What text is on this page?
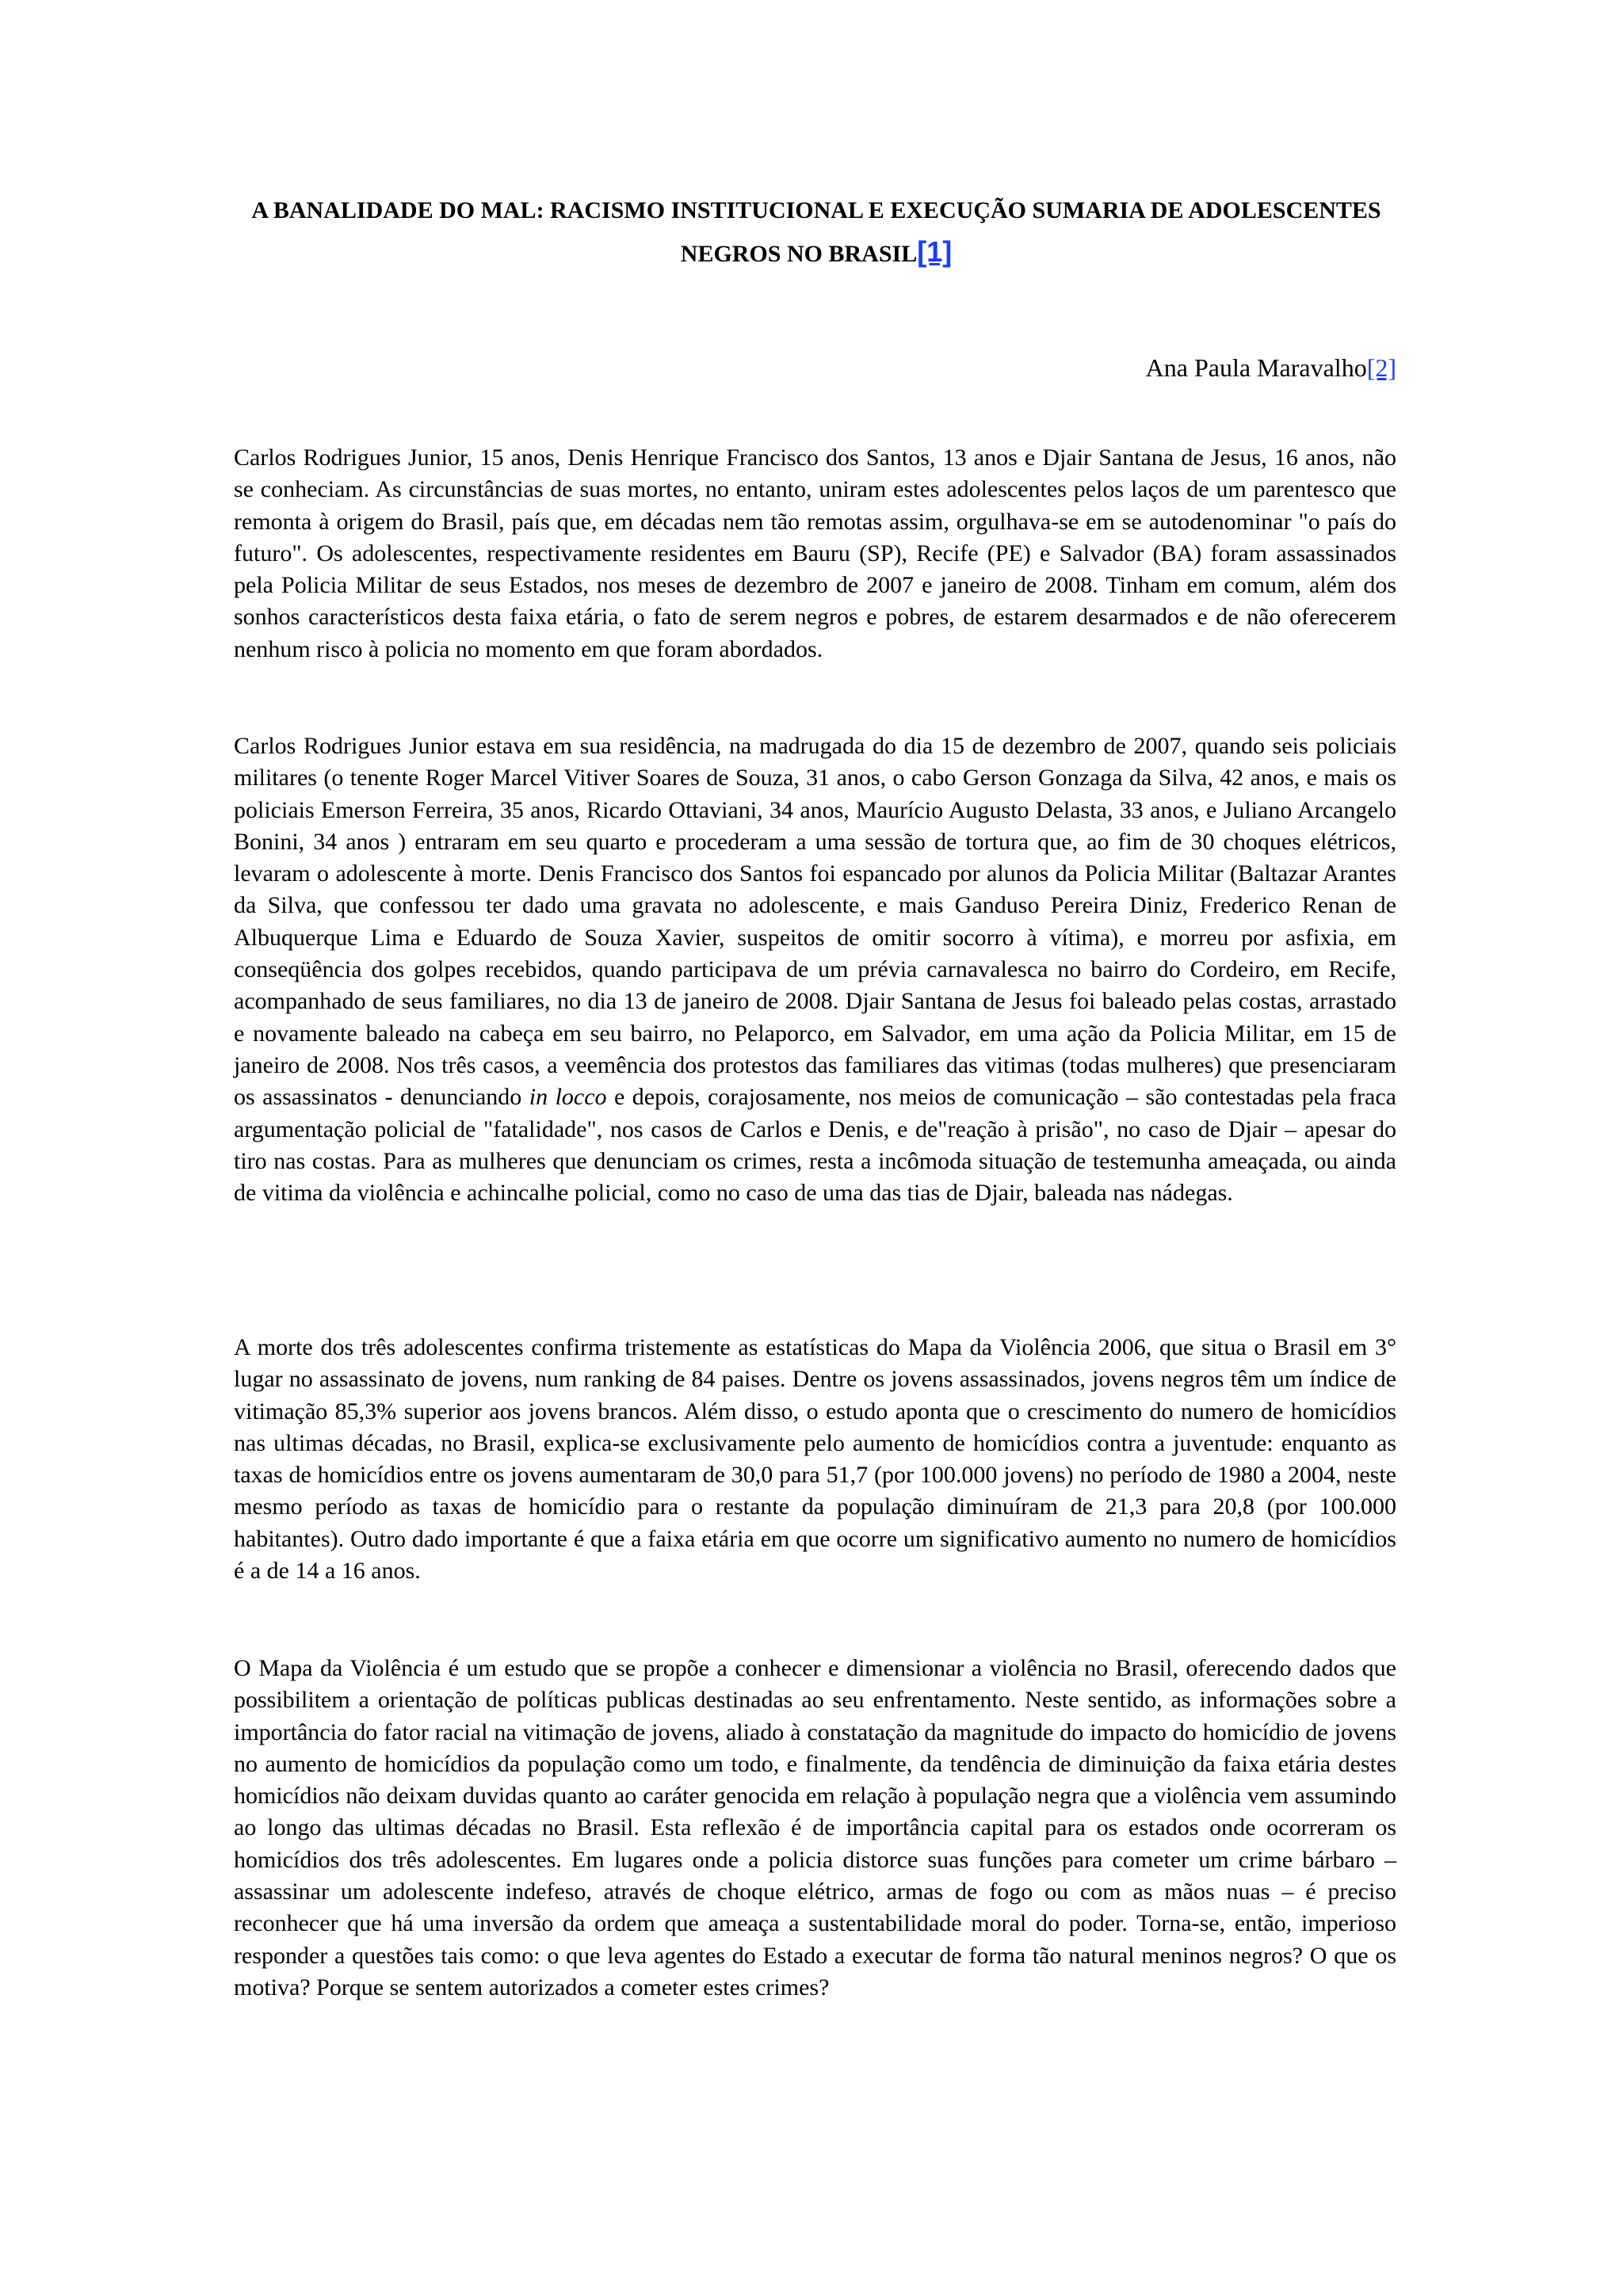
A BANALIDADE DO MAL: RACISMO INSTITUCIONAL E EXECUÇÃO SUMARIA DE ADOLESCENTES NEGROS NO BRASIL[1]
Ana Paula Maravalho[2]

Carlos Rodrigues Junior, 15 anos, Denis Henrique Francisco dos Santos, 13 anos e Djair Santana de Jesus, 16 anos, não se conheciam. As circunstâncias de suas mortes, no entanto, uniram estes adolescentes pelos laços de um parentesco que remonta à origem do Brasil, país que, em décadas nem tão remotas assim, orgulhava-se em se autodenominar "o país do futuro". Os adolescentes, respectivamente residentes em Bauru (SP), Recife (PE) e Salvador (BA) foram assassinados pela Policia Militar de seus Estados, nos meses de dezembro de 2007 e janeiro de 2008. Tinham em comum, além dos sonhos característicos desta faixa etária, o fato de serem negros e pobres, de estarem desarmados e de não oferecerem nenhum risco à policia no momento em que foram abordados.

Carlos Rodrigues Junior estava em sua residência, na madrugada do dia 15 de dezembro de 2007, quando seis policiais militares (o tenente Roger Marcel Vitiver Soares de Souza, 31 anos, o cabo Gerson Gonzaga da Silva, 42 anos, e mais os policiais Emerson Ferreira, 35 anos, Ricardo Ottaviani, 34 anos, Maurício Augusto Delasta, 33 anos, e Juliano Arcangelo Bonini, 34 anos ) entraram em seu quarto e procederam a uma sessão de tortura que, ao fim de 30 choques elétricos, levaram o adolescente à morte. Denis Francisco dos Santos foi espancado por alunos da Policia Militar (Baltazar Arantes da Silva, que confessou ter dado uma gravata no adolescente, e mais Ganduso Pereira Diniz, Frederico Renan de Albuquerque Lima e Eduardo de Souza Xavier, suspeitos de omitir socorro à vítima), e morreu por asfixia, em conseqüência dos golpes recebidos, quando participava de um prévia carnavalesca no bairro do Cordeiro, em Recife, acompanhado de seus familiares, no dia 13 de janeiro de 2008. Djair Santana de Jesus foi baleado pelas costas, arrastado e novamente baleado na cabeça em seu bairro, no Pelaporco, em Salvador, em uma ação da Policia Militar, em 15 de janeiro de 2008. Nos três casos, a veemência dos protestos das familiares das vitimas (todas mulheres) que presenciaram os assassinatos - denunciando in locco e depois, corajosamente, nos meios de comunicação – são contestadas pela fraca argumentação policial de "fatalidade", nos casos de Carlos e Denis, e de"reação à prisão", no caso de Djair – apesar do tiro nas costas. Para as mulheres que denunciam os crimes, resta a incômoda situação de testemunha ameaçada, ou ainda de vitima da violência e achincalhe policial, como no caso de uma das tias de Djair, baleada nas nádegas.

A morte dos três adolescentes confirma tristemente as estatísticas do Mapa da Violência 2006, que situa o Brasil em 3° lugar no assassinato de jovens, num ranking de 84 paises. Dentre os jovens assassinados, jovens negros têm um índice de vitimação 85,3% superior aos jovens brancos. Além disso, o estudo aponta que o crescimento do numero de homicídios nas ultimas décadas, no Brasil, explica-se exclusivamente pelo aumento de homicídios contra a juventude: enquanto as taxas de homicídios entre os jovens aumentaram de 30,0 para 51,7 (por 100.000 jovens) no período de 1980 a 2004, neste mesmo período as taxas de homicídio para o restante da população diminuíram de 21,3 para 20,8 (por 100.000 habitantes). Outro dado importante é que a faixa etária em que ocorre um significativo aumento no numero de homicídios é a de 14 a 16 anos.

O Mapa da Violência é um estudo que se propõe a conhecer e dimensionar a violência no Brasil, oferecendo dados que possibilitem a orientação de políticas publicas destinadas ao seu enfrentamento. Neste sentido, as informações sobre a importância do fator racial na vitimação de jovens, aliado à constatação da magnitude do impacto do homicídio de jovens no aumento de homicídios da população como um todo, e finalmente, da tendência de diminuição da faixa etária destes homicídios não deixam duvidas quanto ao caráter genocida em relação à população negra que a violência vem assumindo ao longo das ultimas décadas no Brasil. Esta reflexão é de importância capital para os estados onde ocorreram os homicídios dos três adolescentes. Em lugares onde a policia distorce suas funções para cometer um crime bárbaro – assassinar um adolescente indefeso, através de choque elétrico, armas de fogo ou com as mãos nuas – é preciso reconhecer que há uma inversão da ordem que ameaça a sustentabilidade moral do poder. Torna-se, então, imperioso responder a questões tais como: o que leva agentes do Estado a executar de forma tão natural meninos negros? O que os motiva? Porque se sentem autorizados a cometer estes crimes?
